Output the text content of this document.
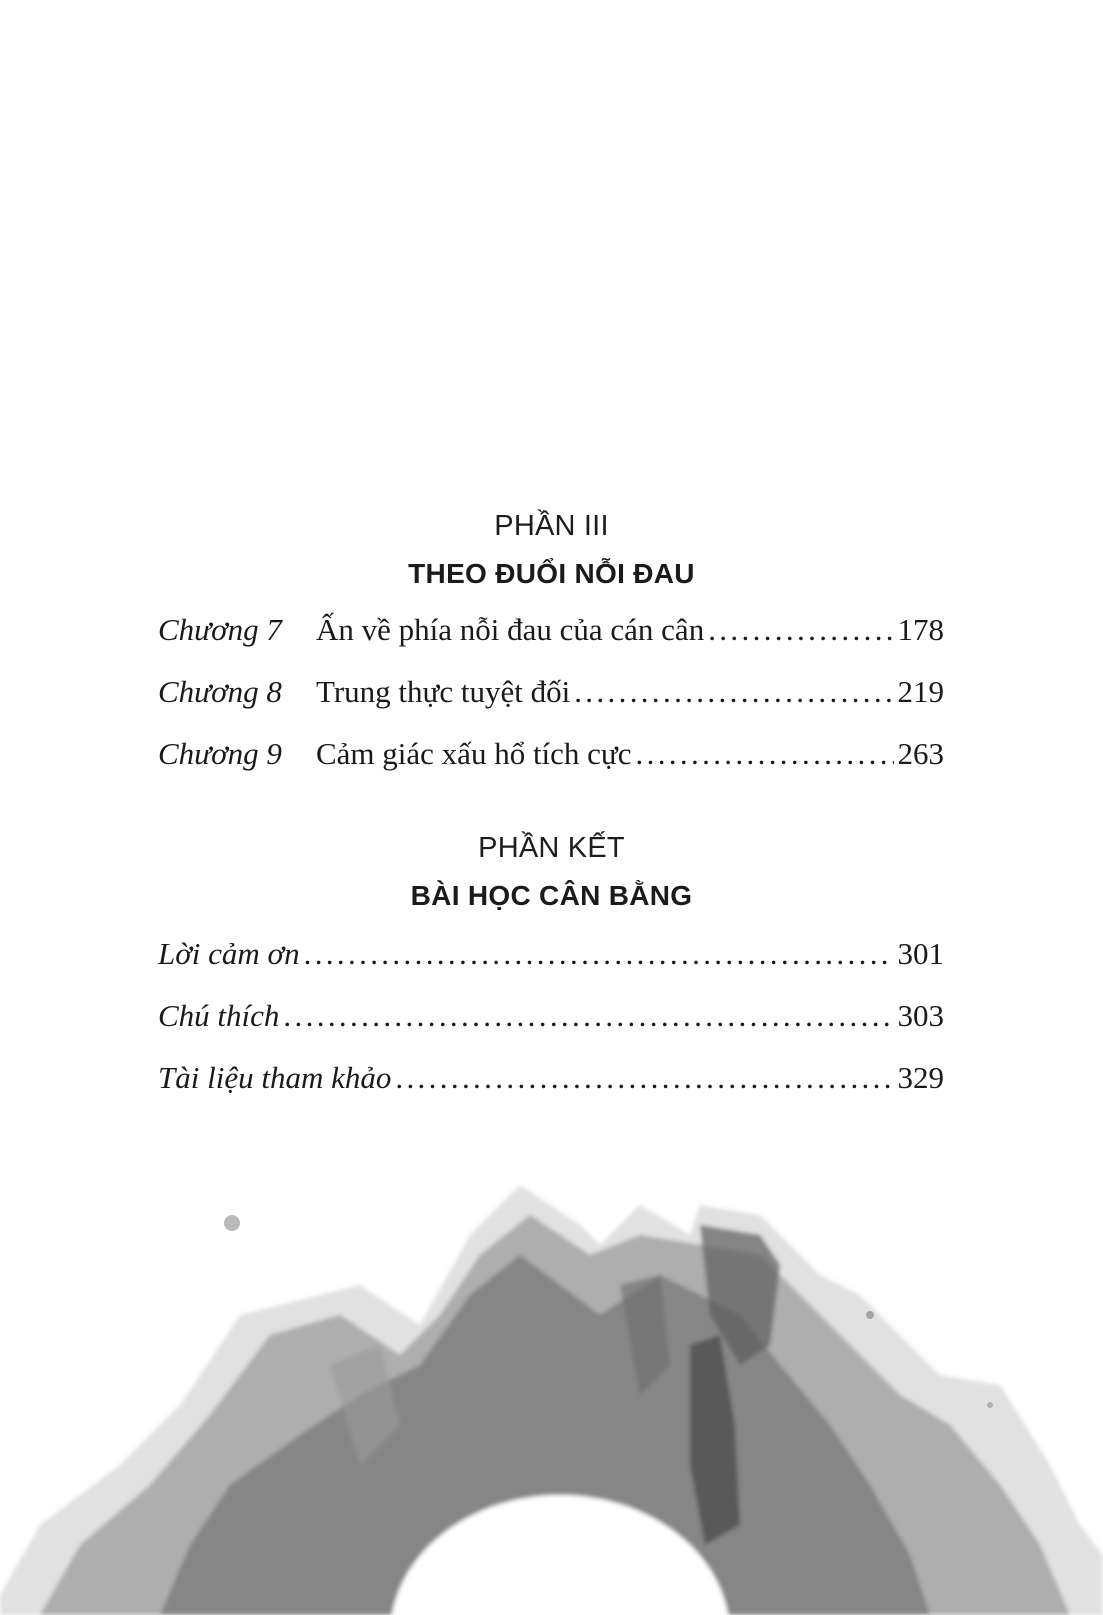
PHẦN III
THEO ĐUỔI NỖI ĐAU
Chương 7	Ấn về phía nỗi đau của cán cân . . .	178
Chương 8	Trung thực tuyệt đối . . .	219
Chương 9	Cảm giác xấu hổ tích cực . . .	263
PHẦN KẾT
BÀI HỌC CÂN BẰNG
Lời cảm ơn . . .	301
Chú thích . . .	303
Tài liệu tham khảo . . .	329
